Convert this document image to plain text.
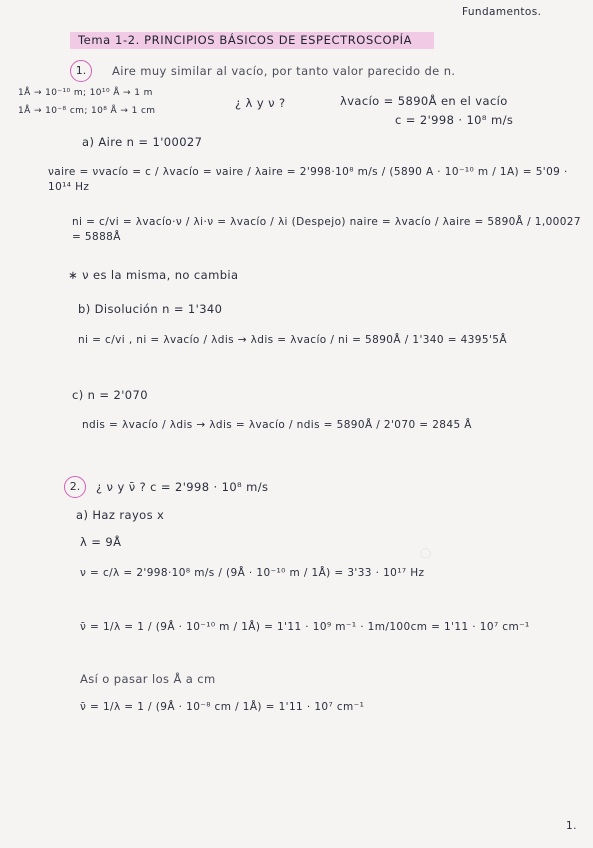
◯
Fundamentos.
Tema 1-2. PRINCIPIOS BÁSICOS DE ESPECTROSCOPÍA
1.	Aire muy similar al vacío, por tanto valor parecido de n.
1Å → 10⁻¹⁰ m; 10¹⁰ Å → 1 m
1Å → 10⁻⁸ cm; 10⁸ Å → 1 cm
¿ λ y ν ?	λvacío = 5890Å en el vacío
c = 2'998 · 10⁸ m/s
a) Aire n = 1'00027
νaire = νvacío = c / λvacío = νaire / λaire = 2'998·10⁸ m/s / (5890 A · 10⁻¹⁰ m / 1A) = 5'09 · 10¹⁴ Hz
ni = c/vi = λvacío·ν / λi·ν = λvacío / λi (Despejo) naire = λvacío / λaire = 5890Å / 1,00027 = 5888Å
∗ ν es la misma, no cambia
b) Disolución n = 1'340
ni = c/vi , ni = λvacío / λdis → λdis = λvacío / ni = 5890Å / 1'340 = 4395'5Å
c) n = 2'070
ndis = λvacío / λdis → λdis = λvacío / ndis = 5890Å / 2'070 = 2845 Å
2.	¿ ν y ν̄ ? c = 2'998 · 10⁸ m/s
a) Haz rayos x
λ = 9Å
ν = c/λ = 2'998·10⁸ m/s / (9Å · 10⁻¹⁰ m / 1Å) = 3'33 · 10¹⁷ Hz
ν̄ = 1/λ = 1 / (9Å · 10⁻¹⁰ m / 1Å) = 1'11 · 10⁹ m⁻¹ · 1m/100cm = 1'11 · 10⁷ cm⁻¹
Así o pasar los Å a cm
ν̄ = 1/λ = 1 / (9Å · 10⁻⁸ cm / 1Å) = 1'11 · 10⁷ cm⁻¹
1.
